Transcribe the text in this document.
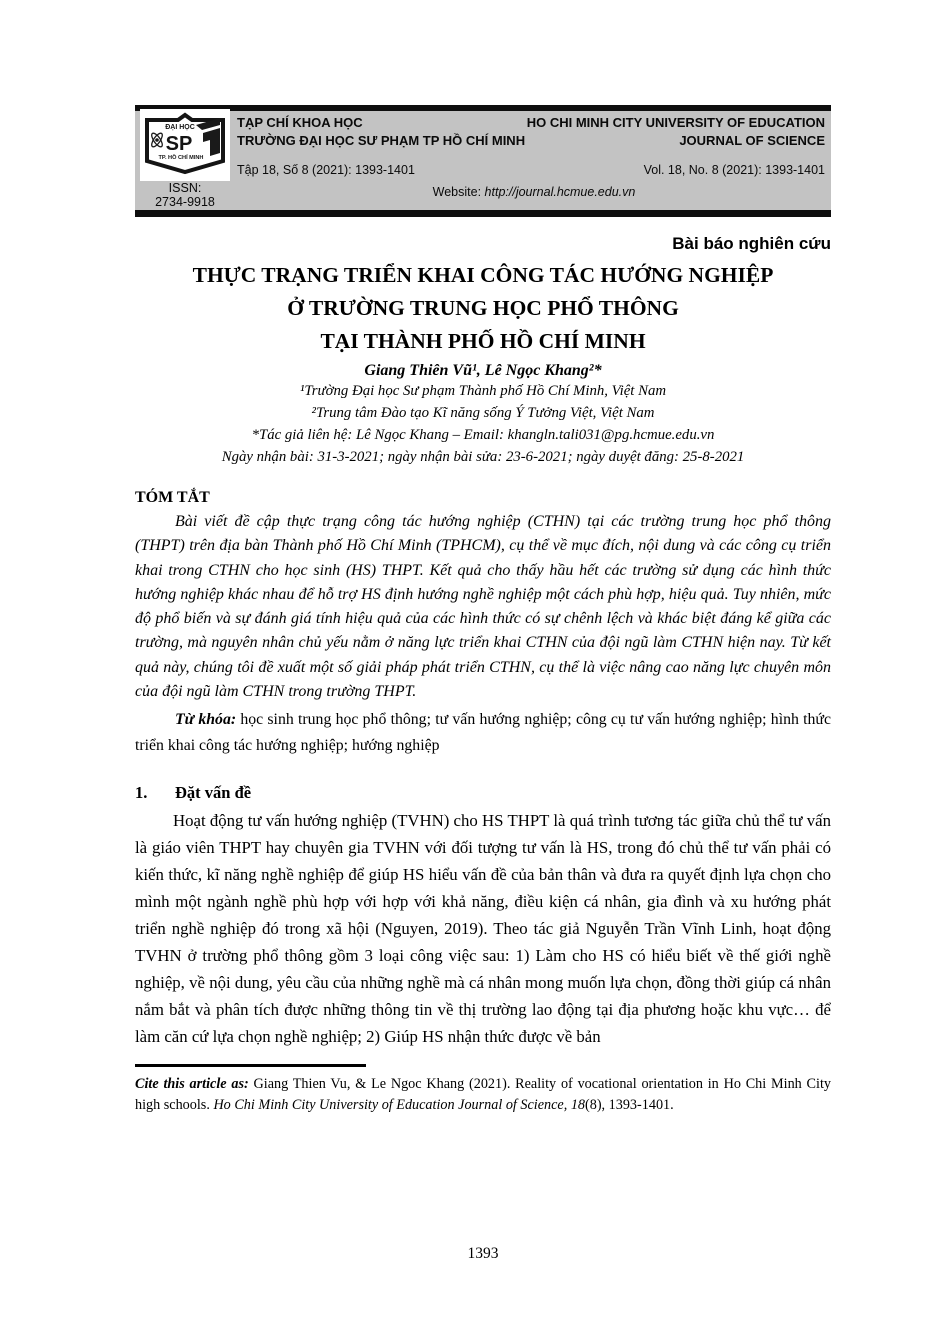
ĐẠI HỌC
SP
TP. HỒ CHÍ MINH
TẠP CHÍ KHOA HỌC
TRƯỜNG ĐẠI HỌC SƯ PHẠM TP HỒ CHÍ MINH
HO CHI MINH CITY UNIVERSITY OF EDUCATION
JOURNAL OF SCIENCE
Tập 18, Số 8 (2021): 1393-1401	Vol. 18, No. 8 (2021): 1393-1401
ISSN:
2734-9918
Website: http://journal.hcmue.edu.vn
Bài báo nghiên cứu
THỰC TRẠNG TRIỂN KHAI CÔNG TÁC HƯỚNG NGHIỆP
Ở TRƯỜNG TRUNG HỌC PHỔ THÔNG
TẠI THÀNH PHỐ HỒ CHÍ MINH
Giang Thiên Vũ¹, Lê Ngọc Khang²*
¹Trường Đại học Sư phạm Thành phố Hồ Chí Minh, Việt Nam
²Trung tâm Đào tạo Kĩ năng sống Ý Tưởng Việt, Việt Nam
*Tác giả liên hệ: Lê Ngọc Khang – Email: khangln.tali031@pg.hcmue.edu.vn
Ngày nhận bài: 31-3-2021; ngày nhận bài sửa: 23-6-2021; ngày duyệt đăng: 25-8-2021
TÓM TẮT
Bài viết đề cập thực trạng công tác hướng nghiệp (CTHN) tại các trường trung học phổ thông (THPT) trên địa bàn Thành phố Hồ Chí Minh (TPHCM), cụ thể về mục đích, nội dung và các công cụ triển khai trong CTHN cho học sinh (HS) THPT. Kết quả cho thấy hầu hết các trường sử dụng các hình thức hướng nghiệp khác nhau để hỗ trợ HS định hướng nghề nghiệp một cách phù hợp, hiệu quả. Tuy nhiên, mức độ phổ biến và sự đánh giá tính hiệu quả của các hình thức có sự chênh lệch và khác biệt đáng kể giữa các trường, mà nguyên nhân chủ yếu nằm ở năng lực triển khai CTHN của đội ngũ làm CTHN hiện nay. Từ kết quả này, chúng tôi đề xuất một số giải pháp phát triển CTHN, cụ thể là việc nâng cao năng lực chuyên môn của đội ngũ làm CTHN trong trường THPT.
Từ khóa: học sinh trung học phổ thông; tư vấn hướng nghiệp; công cụ tư vấn hướng nghiệp; hình thức triển khai công tác hướng nghiệp; hướng nghiệp
1. Đặt vấn đề
Hoạt động tư vấn hướng nghiệp (TVHN) cho HS THPT là quá trình tương tác giữa chủ thể tư vấn là giáo viên THPT hay chuyên gia TVHN với đối tượng tư vấn là HS, trong đó chủ thể tư vấn phải có kiến thức, kĩ năng nghề nghiệp để giúp HS hiểu vấn đề của bản thân và đưa ra quyết định lựa chọn cho mình một ngành nghề phù hợp với hợp với khả năng, điều kiện cá nhân, gia đình và xu hướng phát triển nghề nghiệp đó trong xã hội (Nguyen, 2019). Theo tác giả Nguyễn Trần Vĩnh Linh, hoạt động TVHN ở trường phổ thông gồm 3 loại công việc sau: 1) Làm cho HS có hiểu biết về thế giới nghề nghiệp, về nội dung, yêu cầu của những nghề mà cá nhân mong muốn lựa chọn, đồng thời giúp cá nhân nắm bắt và phân tích được những thông tin về thị trường lao động tại địa phương hoặc khu vực… để làm căn cứ lựa chọn nghề nghiệp; 2) Giúp HS nhận thức được về bản
Cite this article as: Giang Thien Vu, & Le Ngoc Khang (2021). Reality of vocational orientation in Ho Chi Minh City high schools. Ho Chi Minh City University of Education Journal of Science, 18(8), 1393-1401.
1393
